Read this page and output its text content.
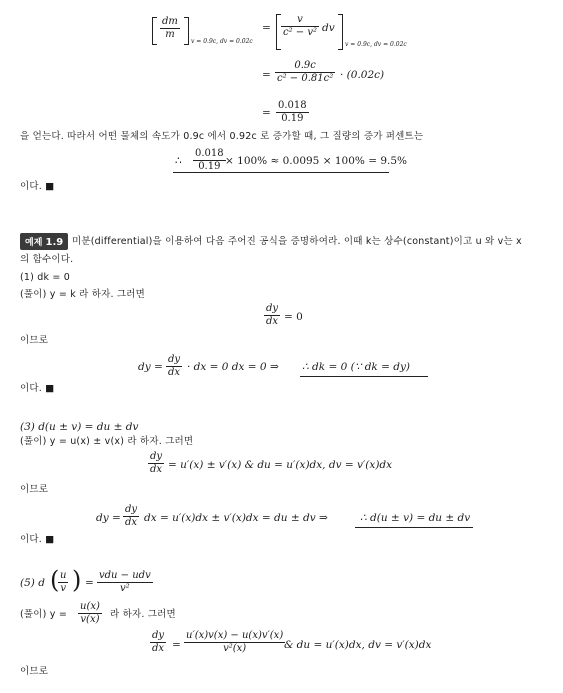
dm
m
v = 0.9c, dv = 0.02c
=
v
c² − v² dv
v = 0.9c, dv = 0.02c
=
0.9c
c² − 0.81c² · (0.02c)
=
0.018
0.19
을 얻는다. 따라서 어떤 물체의 속도가 0.9c 에서 0.92c 로 증가할 때, 그 질량의 증가 퍼센트는
∴
0.018
0.19 × 100% ≈ 0.0095 × 100% = 9.5%
이다. ■
예제 1.9 미분(differential)을 이용하여 다음 주어진 공식을 증명하여라. 이때 k는 상수(constant)이고 u 와 v는 x
의 함수이다.
(1) dk = 0
(풀이) y = k 라 하자. 그러면
dy
dx = 0
이므로
dy =
dy
dx · dx = 0 dx = 0 ⇒ ∴ dk = 0 (∵ dk = dy)
이다. ■
(3) d(u ± v) = du ± dv
(풀이) y = u(x) ± v(x) 라 하자. 그러면
dy
dx = u′(x) ± v′(x) & du = u′(x)dx, dv = v′(x)dx
이므로
dy =
dy
dx dx = u′(x)dx ± v′(x)dx = du ± dv ⇒	∴ d(u ± v) = du ± dv
이다. ■
(5) d ( u
v ) =
vdu − udv
v²
(풀이) y =
u(x)
v(x) 라 하자. 그러면
dy
dx =
u′(x)v(x) − u(x)v′(x)
v²(x)	& du = u′(x)dx, dv = v′(x)dx
이므로
